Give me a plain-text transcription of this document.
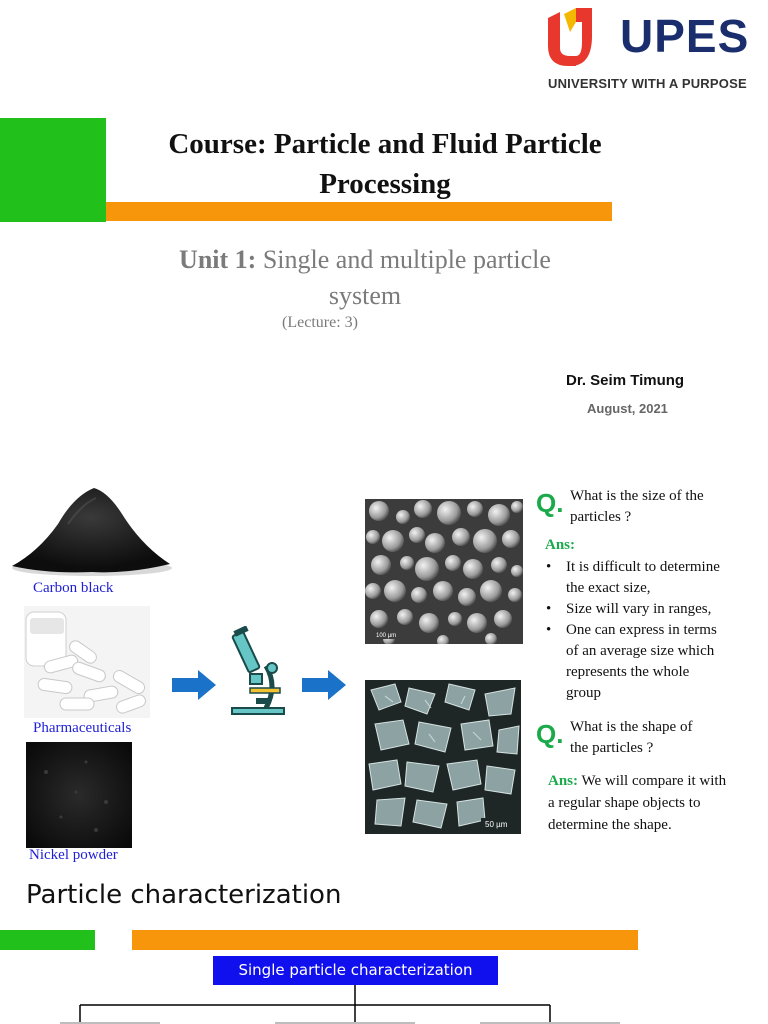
UPES
UNIVERSITY WITH A PURPOSE
Course: Particle and Fluid Particle
Processing
Unit 1: Single and multiple particle
system
(Lecture: 3)
Dr. Seim Timung
August, 2021
Carbon black
Pharmaceuticals
Nickel powder
100 µm
50 µm
Q. What is the size of the
particles ?
Ans:
• It is difficult to determine
the exact size,
• Size will vary in ranges,
• One can express in terms
of an average size which
represents the whole
group
Q. What is the shape of
the particles ?
Ans: We will compare it with
a regular shape objects to
determine the shape.
Particle characterization
Single particle characterization
